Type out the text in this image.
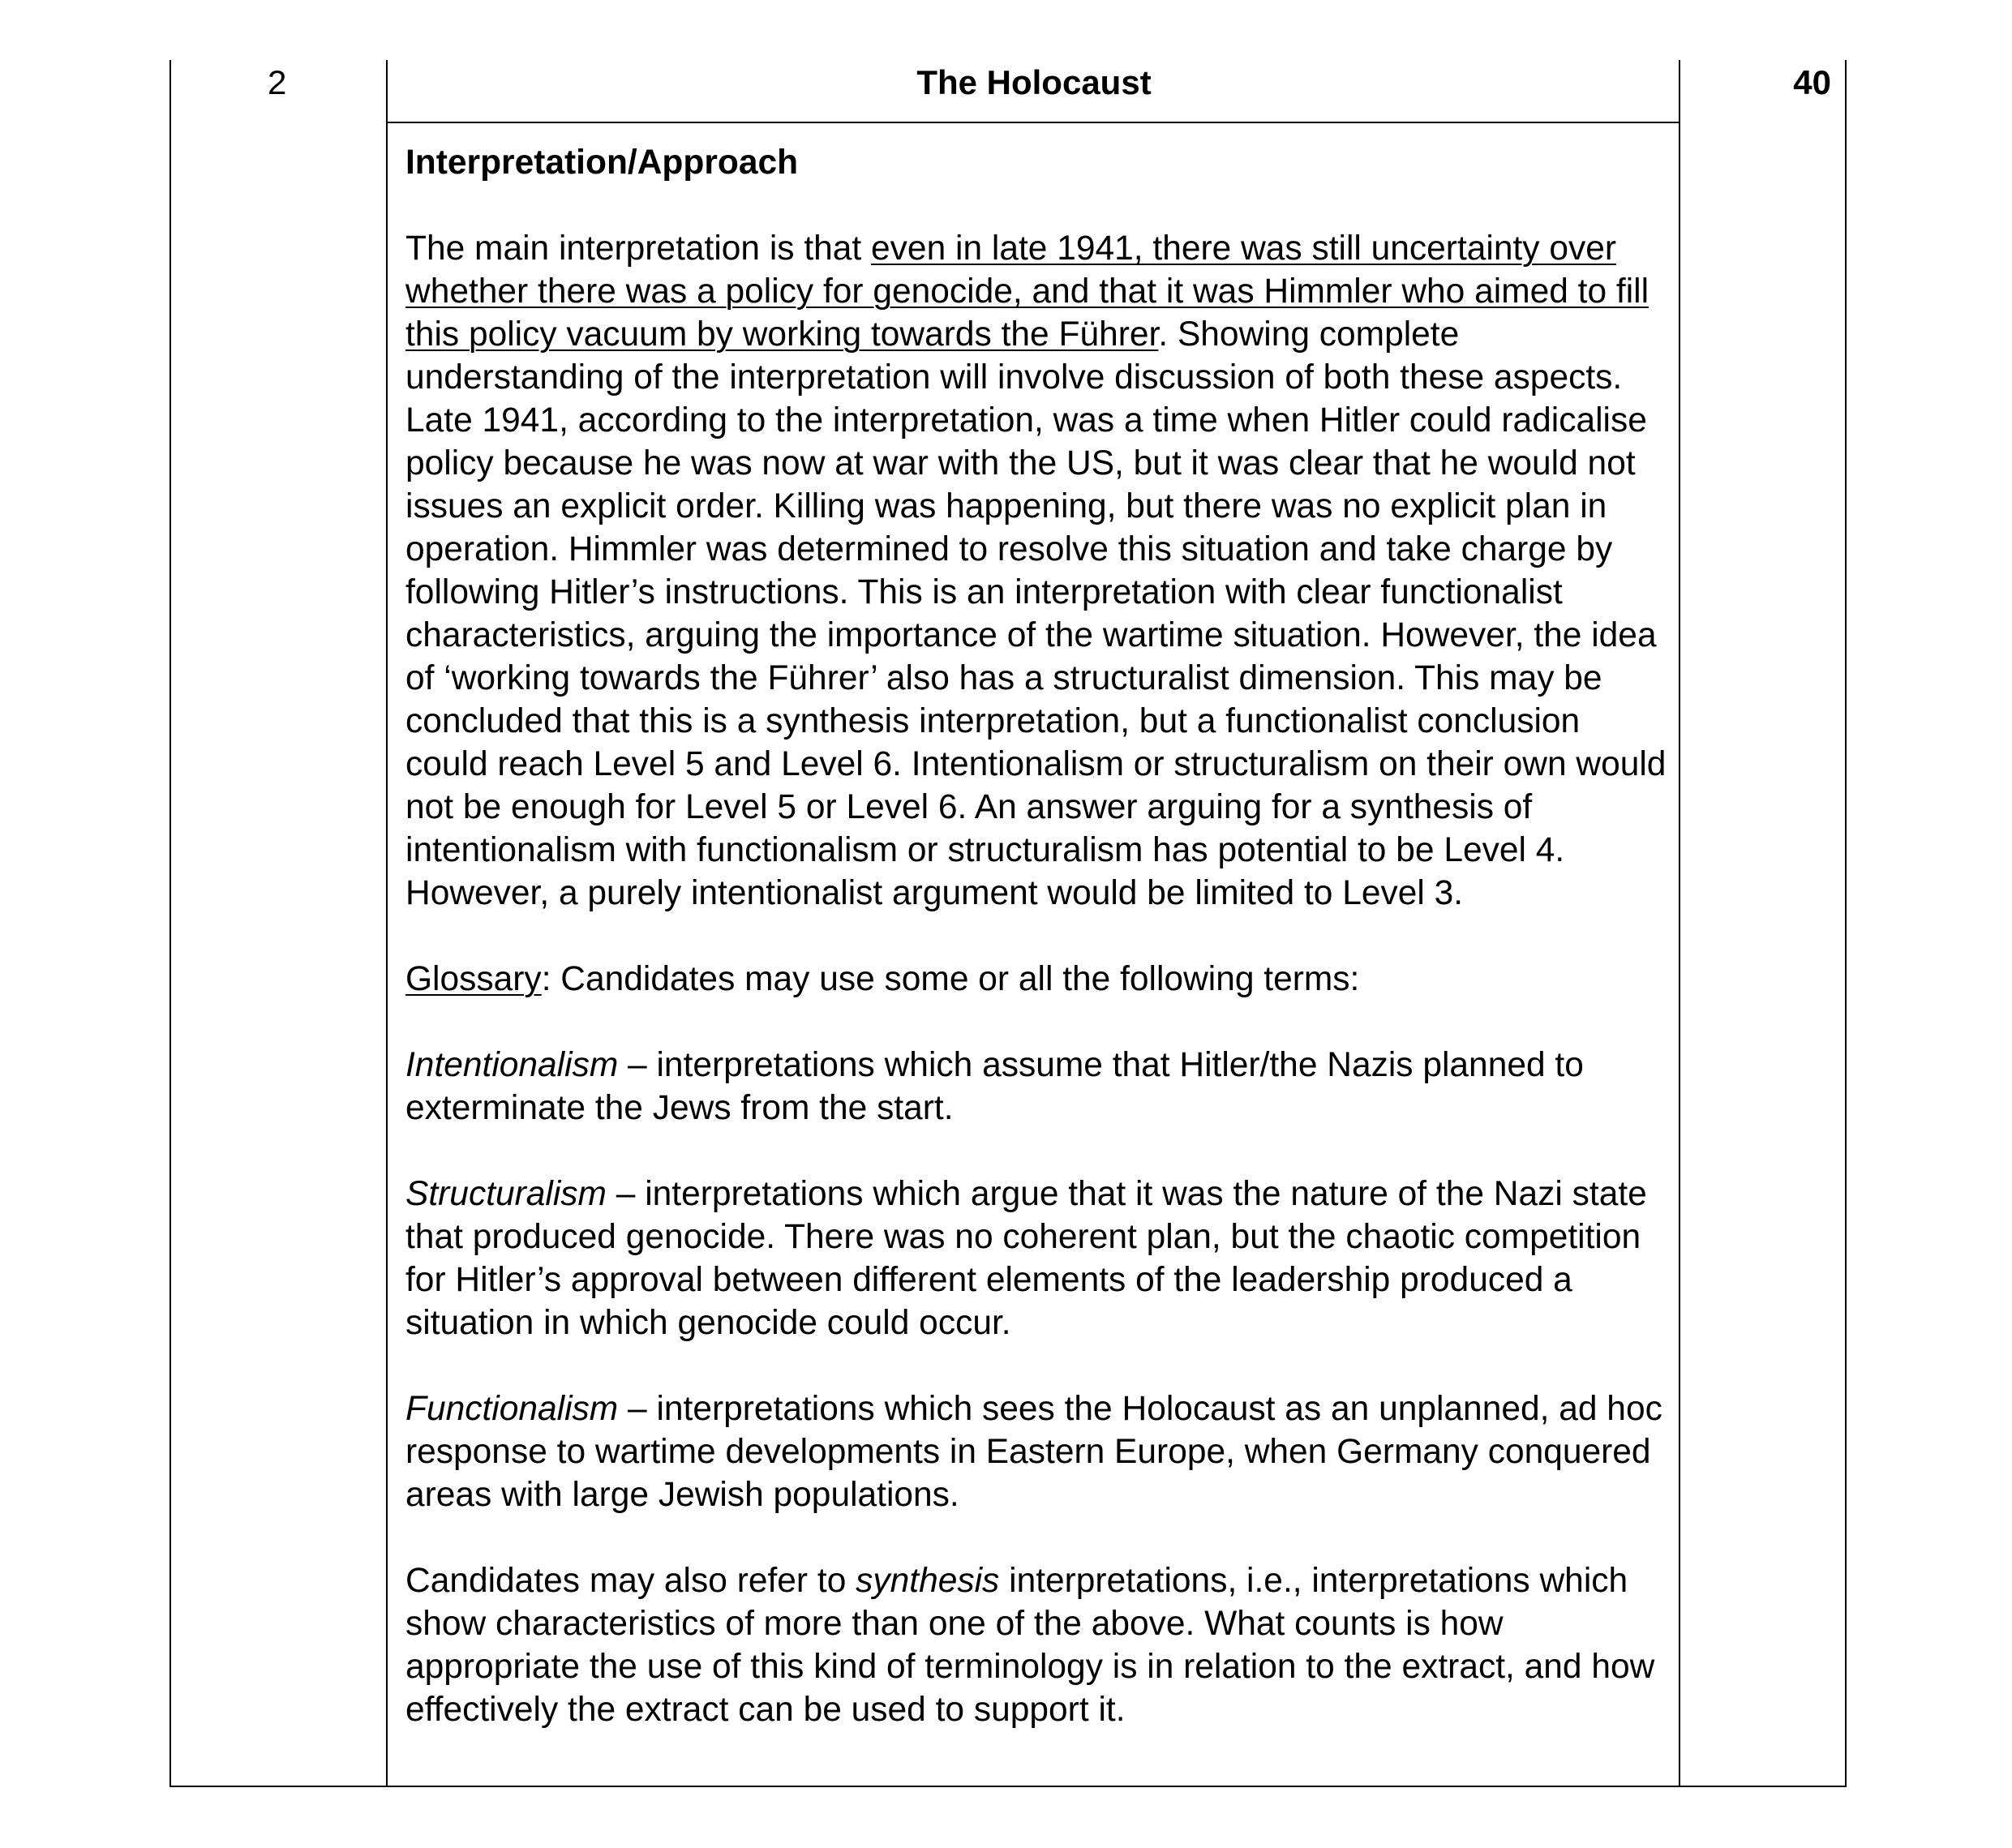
2	The Holocaust	40

Interpretation/Approach

The main interpretation is that even in late 1941, there was still uncertainty over whether there was a policy for genocide, and that it was Himmler who aimed to fill this policy vacuum by working towards the Führer. Showing complete understanding of the interpretation will involve discussion of both these aspects. Late 1941, according to the interpretation, was a time when Hitler could radicalise policy because he was now at war with the US, but it was clear that he would not issues an explicit order. Killing was happening, but there was no explicit plan in operation. Himmler was determined to resolve this situation and take charge by following Hitler’s instructions. This is an interpretation with clear functionalist characteristics, arguing the importance of the wartime situation. However, the idea of ‘working towards the Führer’ also has a structuralist dimension. This may be concluded that this is a synthesis interpretation, but a functionalist conclusion could reach Level 5 and Level 6. Intentionalism or structuralism on their own would not be enough for Level 5 or Level 6. An answer arguing for a synthesis of intentionalism with functionalism or structuralism has potential to be Level 4. However, a purely intentionalist argument would be limited to Level 3.

Glossary: Candidates may use some or all the following terms:

Intentionalism – interpretations which assume that Hitler/the Nazis planned to exterminate the Jews from the start.

Structuralism – interpretations which argue that it was the nature of the Nazi state that produced genocide. There was no coherent plan, but the chaotic competition for Hitler’s approval between different elements of the leadership produced a situation in which genocide could occur.

Functionalism – interpretations which sees the Holocaust as an unplanned, ad hoc response to wartime developments in Eastern Europe, when Germany conquered areas with large Jewish populations.

Candidates may also refer to synthesis interpretations, i.e., interpretations which show characteristics of more than one of the above. What counts is how appropriate the use of this kind of terminology is in relation to the extract, and how effectively the extract can be used to support it.
